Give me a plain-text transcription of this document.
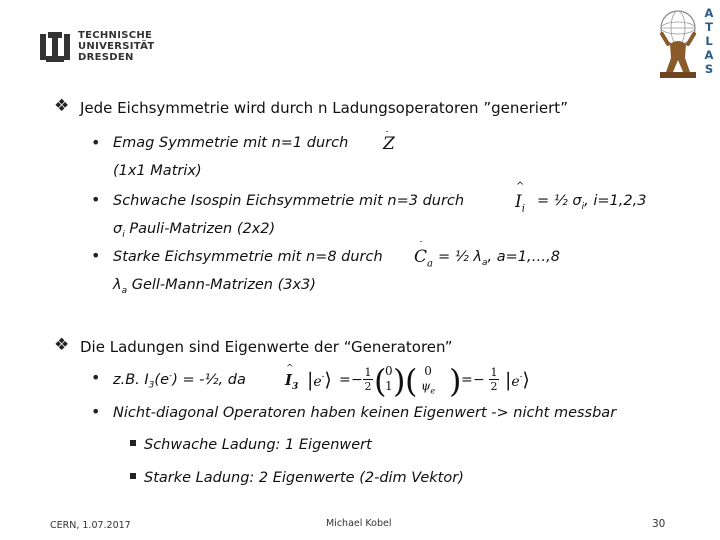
TECHNISCHE
UNIVERSITÄT
DRESDEN
A
T
L
A
S
❖ Jede Eichsymmetrie wird durch n Ladungsoperatoren ”generiert”
• Emag Symmetrie mit n=1 durch
˶
Z
(1x1 Matrix)
• Schwache Isospin Eichsymmetrie mit n=3 durch
^
$I_i$ = ½ $\sigma_i$, i=1,2,3
$\sigma_i$ Pauli-Matrizen (2x2)
• Starke Eichsymmetrie mit n=8 durch
˶
$C_a$ = ½ $\lambda_a$, a=1,…,8
$\lambda_a$ Gell-Mann-Matrizen (3x3)
❖ Die Ladungen sind Eigenwerte der “Generatoren”
• z.B. $I_3(e^-)$ = -½, da
^
$I_3$ |e-⟩ = − $\frac{1}{2}$ (
0
1 ) ( 0
$\psi_e$ ) = − $\frac{1}{2}$ |e-⟩
• Nicht-diagonal Operatoren haben keinen Eigenwert -> nicht messbar
Schwache Ladung: 1 Eigenwert
Starke Ladung: 2 Eigenwerte (2-dim Vektor)
CERN, 1.07.2017	Michael Kobel	30
